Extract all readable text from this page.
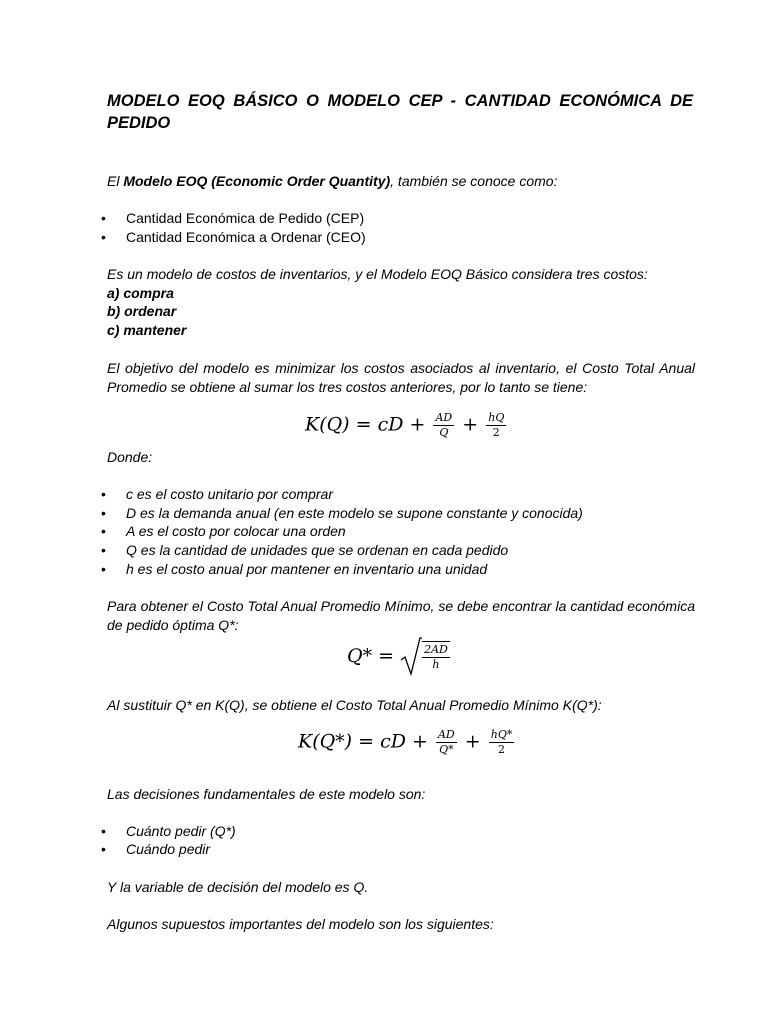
MODELO EOQ BÁSICO O MODELO CEP - CANTIDAD ECONÓMICA DE
PEDIDO

El Modelo EOQ (Economic Order Quantity), también se conoce como:

• Cantidad Económica de Pedido (CEP)
• Cantidad Económica a Ordenar (CEO)

Es un modelo de costos de inventarios, y el Modelo EOQ Básico considera tres costos:

a) compra

b) ordenar

c) mantener

El objetivo del modelo es minimizar los costos asociados al inventario, el Costo Total Anual

Promedio se obtiene al sumar los tres costos anteriores, por lo tanto se tiene:

K(Q) = cD + $\frac{AD}{Q} + \frac{hQ}{2}$

Donde:

• c es el costo unitario por comprar
• D es la demanda anual (en este modelo se supone constante y conocida)
• A es el costo por colocar una orden
• Q es la cantidad de unidades que se ordenan en cada pedido
• h es el costo anual por mantener en inventario una unidad

Para obtener el Costo Total Anual Promedio Mínimo, se debe encontrar la cantidad económica

de pedido óptima Q*:

$Q* = \frac{2AD}{h}$

Al sustituir Q* en K(Q), se obtiene el Costo Total Anual Promedio Mínimo K(Q*):

K(Q*) = cD + $\frac{AD}{Q*} + \frac{hQ*}{2}$

Las decisiones fundamentales de este modelo son:

• Cuánto pedir (Q*)
• Cuándo pedir

Y la variable de decisión del modelo es Q.

Algunos supuestos importantes del modelo son los siguientes:
